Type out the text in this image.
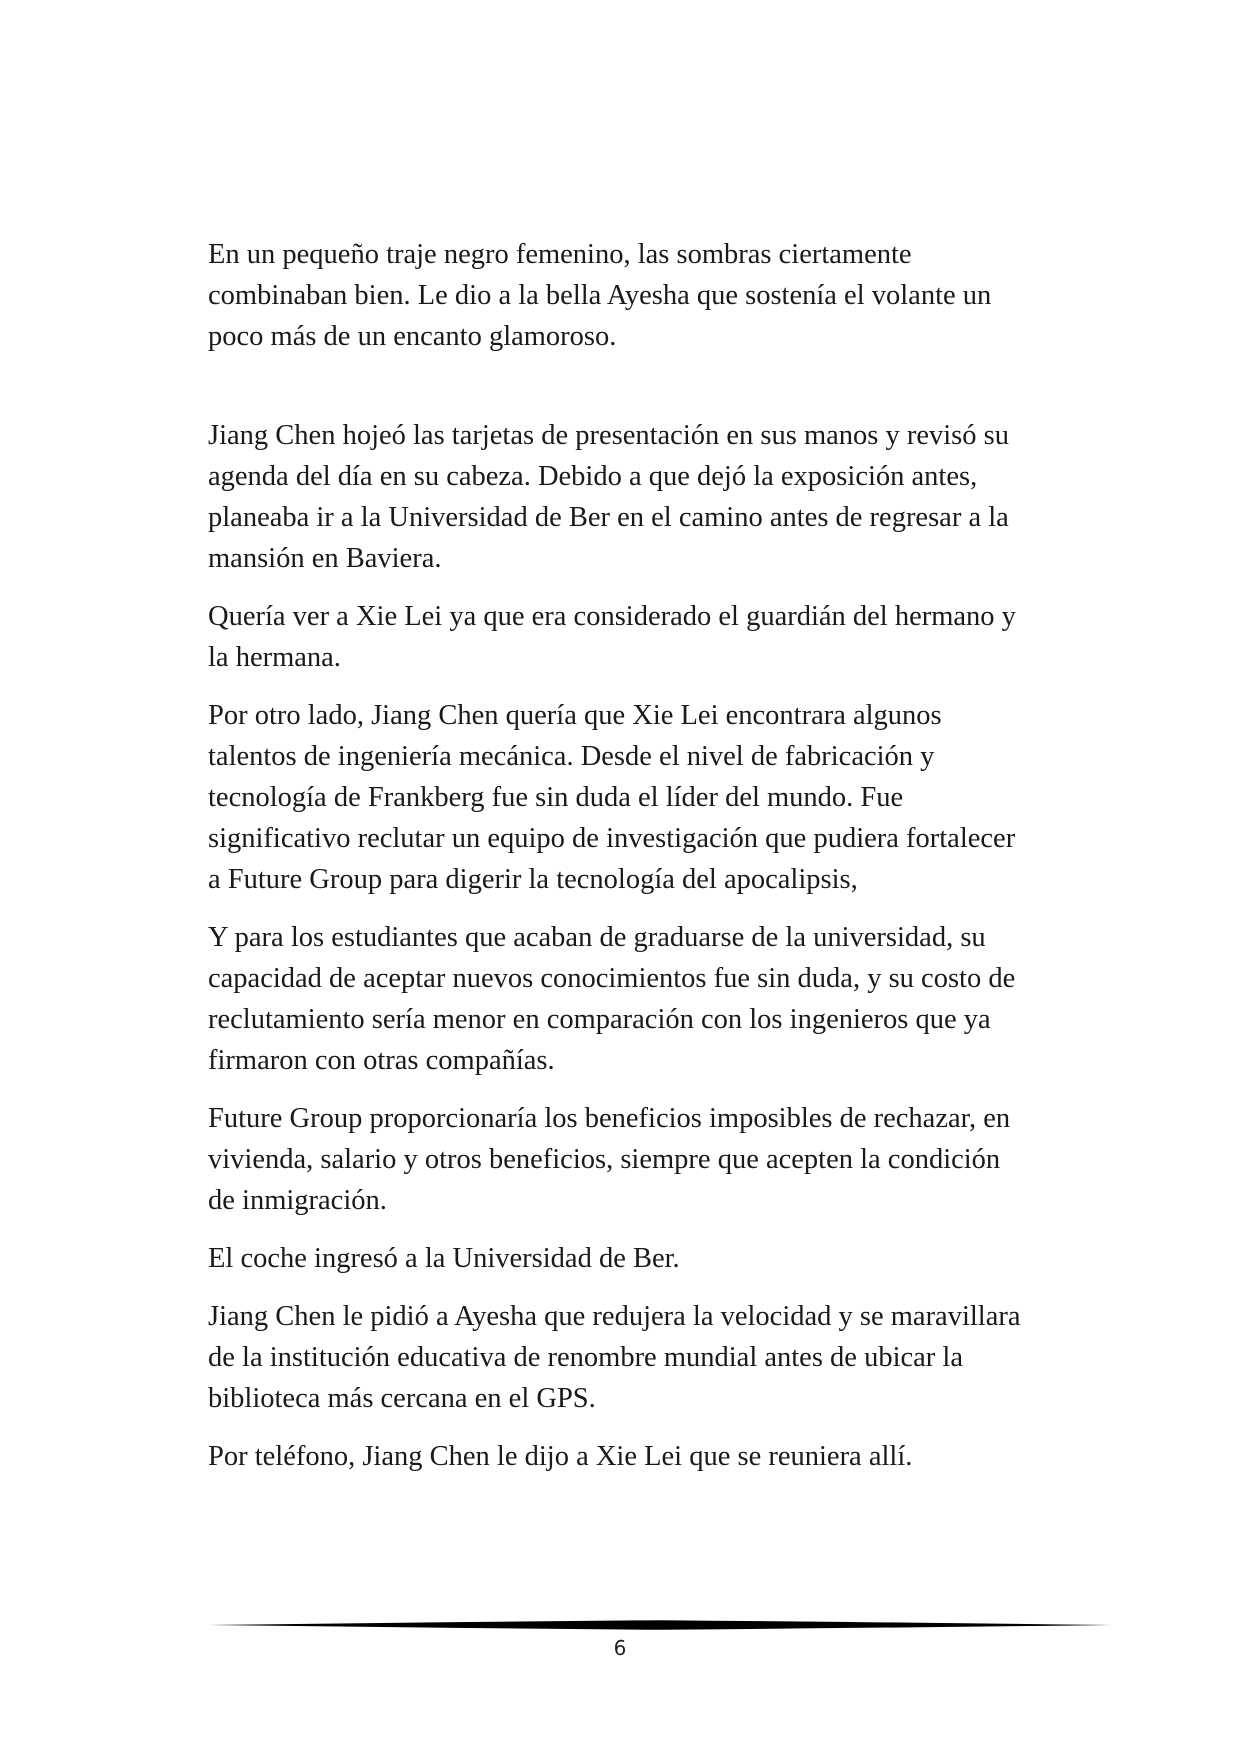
En un pequeño traje negro femenino, las sombras ciertamente
combinaban bien. Le dio a la bella Ayesha que sostenía el volante un
poco más de un encanto glamoroso.

Jiang Chen hojeó las tarjetas de presentación en sus manos y revisó su
agenda del día en su cabeza. Debido a que dejó la exposición antes,
planeaba ir a la Universidad de Ber en el camino antes de regresar a la
mansión en Baviera.

Quería ver a Xie Lei ya que era considerado el guardián del hermano y
la hermana.

Por otro lado, Jiang Chen quería que Xie Lei encontrara algunos
talentos de ingeniería mecánica. Desde el nivel de fabricación y
tecnología de Frankberg fue sin duda el líder del mundo. Fue
significativo reclutar un equipo de investigación que pudiera fortalecer
a Future Group para digerir la tecnología del apocalipsis,

Y para los estudiantes que acaban de graduarse de la universidad, su
capacidad de aceptar nuevos conocimientos fue sin duda, y su costo de
reclutamiento sería menor en comparación con los ingenieros que ya
firmaron con otras compañías.

Future Group proporcionaría los beneficios imposibles de rechazar, en
vivienda, salario y otros beneficios, siempre que acepten la condición
de inmigración.

El coche ingresó a la Universidad de Ber.

Jiang Chen le pidió a Ayesha que redujera la velocidad y se maravillara
de la institución educativa de renombre mundial antes de ubicar la
biblioteca más cercana en el GPS.

Por teléfono, Jiang Chen le dijo a Xie Lei que se reuniera allí.

6
